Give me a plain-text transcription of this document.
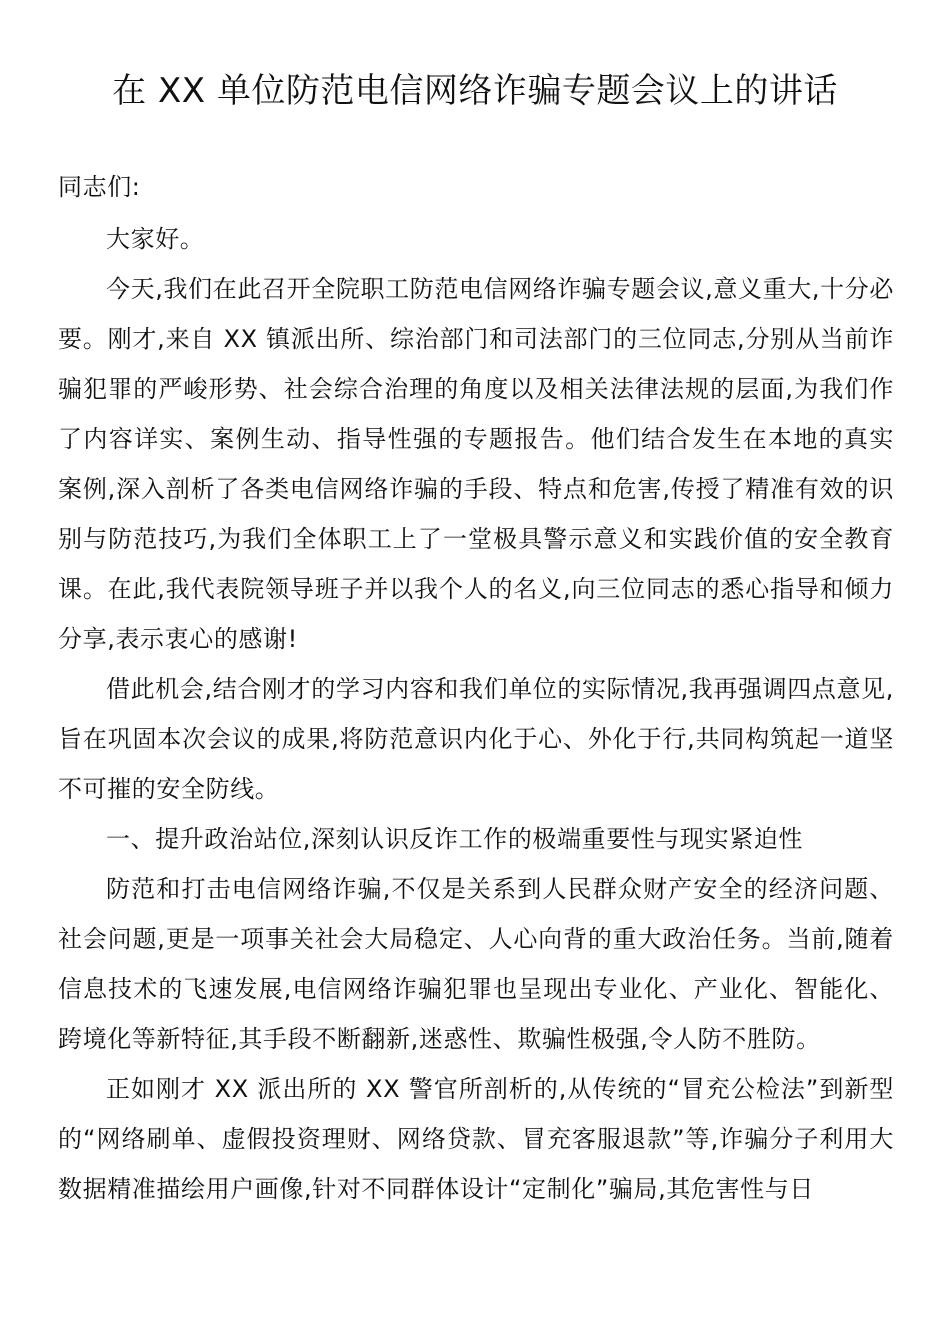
在 XX 单位防范电信网络诈骗专题会议上的讲话

同志们:

大家好。

今天,我们在此召开全院职工防范电信网络诈骗专题会议,意义重大,十分必要。刚才,来自 XX 镇派出所、综治部门和司法部门的三位同志,分别从当前诈骗犯罪的严峻形势、社会综合治理的角度以及相关法律法规的层面,为我们作了内容详实、案例生动、指导性强的专题报告。他们结合发生在本地的真实案例,深入剖析了各类电信网络诈骗的手段、特点和危害,传授了精准有效的识别与防范技巧,为我们全体职工上了一堂极具警示意义和实践价值的安全教育课。在此,我代表院领导班子并以我个人的名义,向三位同志的悉心指导和倾力分享,表示衷心的感谢!

借此机会,结合刚才的学习内容和我们单位的实际情况,我再强调四点意见,旨在巩固本次会议的成果,将防范意识内化于心、外化于行,共同构筑起一道坚不可摧的安全防线。

一、提升政治站位,深刻认识反诈工作的极端重要性与现实紧迫性

防范和打击电信网络诈骗,不仅是关系到人民群众财产安全的经济问题、社会问题,更是一项事关社会大局稳定、人心向背的重大政治任务。当前,随着信息技术的飞速发展,电信网络诈骗犯罪也呈现出专业化、产业化、智能化、跨境化等新特征,其手段不断翻新,迷惑性、欺骗性极强,令人防不胜防。

正如刚才 XX 派出所的 XX 警官所剖析的,从传统的“冒充公检法”到新型的“网络刷单、虚假投资理财、网络贷款、冒充客服退款”等,诈骗分子利用大数据精准描绘用户画像,针对不同群体设计“定制化”骗局,其危害性与日
